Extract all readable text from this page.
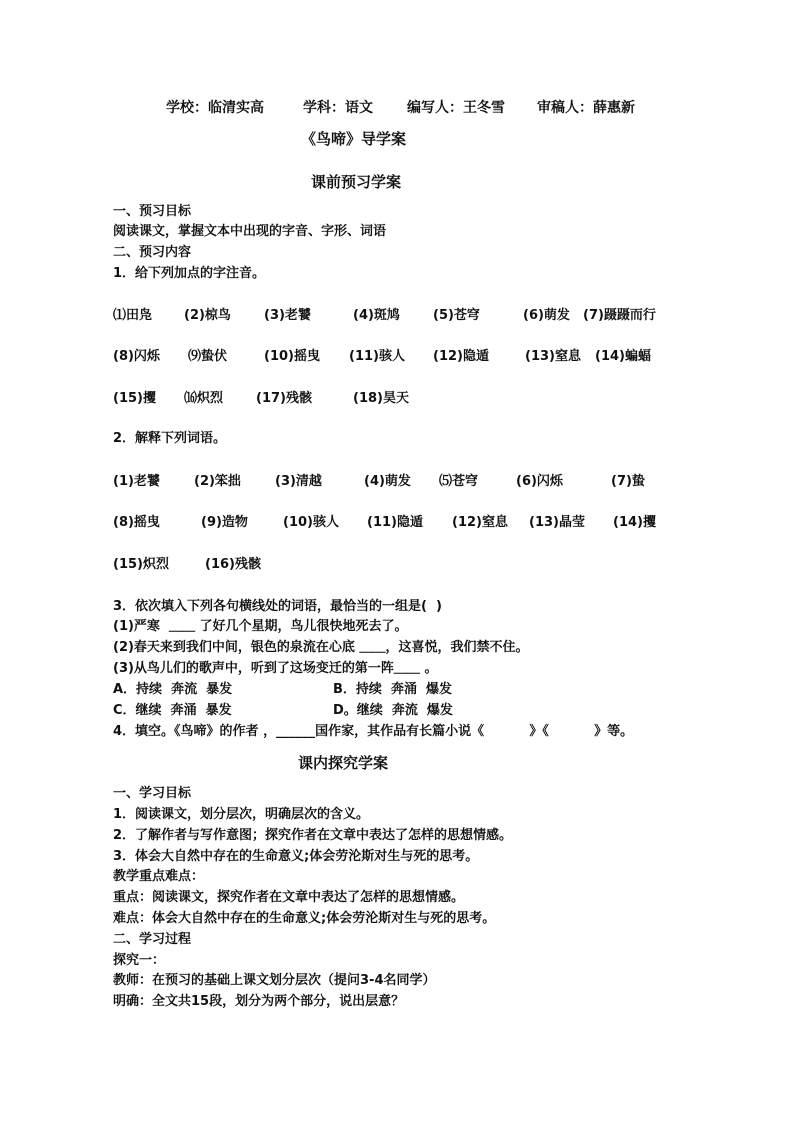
学校：临清实高	学科：语文 编写人：王冬雪 审稿人：薛惠新
《鸟啼》导学案
课前预习学案
一、预习目标
阅读课文，掌握文本中出现的字音、字形、词语
二、预习内容
1．给下列加点的字注音。
⑴田凫 (2)椋鸟	(3)老饕	(4)斑鸠	(5)苍穹	(6)萌发 (7)蹑蹑而行
(8)闪烁 ⑼蛰伏	(10)摇曳 (11)骇人 (12)隐遁	(13)窒息 (14)蝙蝠
(15)攫 ⒃炽烈	(17)残骸	(18)昊天
2．解释下列词语。
(1)老饕	(2)笨拙	(3)清越	(4)萌发 ⑸苍穹	(6)闪烁	(7)蛰
(8)摇曳	(9)造物	(10)骇人 (11)隐遁 (12)窒息 (13)晶莹 (14)攫
(15)炽烈	(16)残骸
3．依次填入下列各句横线处的词语，最恰当的一组是(  )
(1)严寒  ＿＿ 了好几个星期，鸟儿很快地死去了。
(2)春天来到我们中间，银色的泉流在心底 ＿＿，这喜悦，我们禁不住。
(3)从鸟儿们的歌声中，听到了这场变迁的第一阵＿＿ 。
A．持续  奔流  暴发	B．持续  奔涌  爆发
C．继续  奔涌  暴发	D。继续  奔流  爆发
4．填空。《鸟啼》的作者 ，______国作家，其作品有长篇小说《          》《          》等。
课内探究学案
一、学习目标
1．阅读课文，划分层次，明确层次的含义。
2．了解作者与写作意图；探究作者在文章中表达了怎样的思想情感。
3．体会大自然中存在的生命意义;体会劳沦斯对生与死的思考。
教学重点难点：
重点：阅读课文，探究作者在文章中表达了怎样的思想情感。
难点：体会大自然中存在的生命意义;体会劳沦斯对生与死的思考。
二、学习过程
探究一：
教师：在预习的基础上课文划分层次（提问3-4名同学）
明确：全文共15段，划分为两个部分，说出层意？
